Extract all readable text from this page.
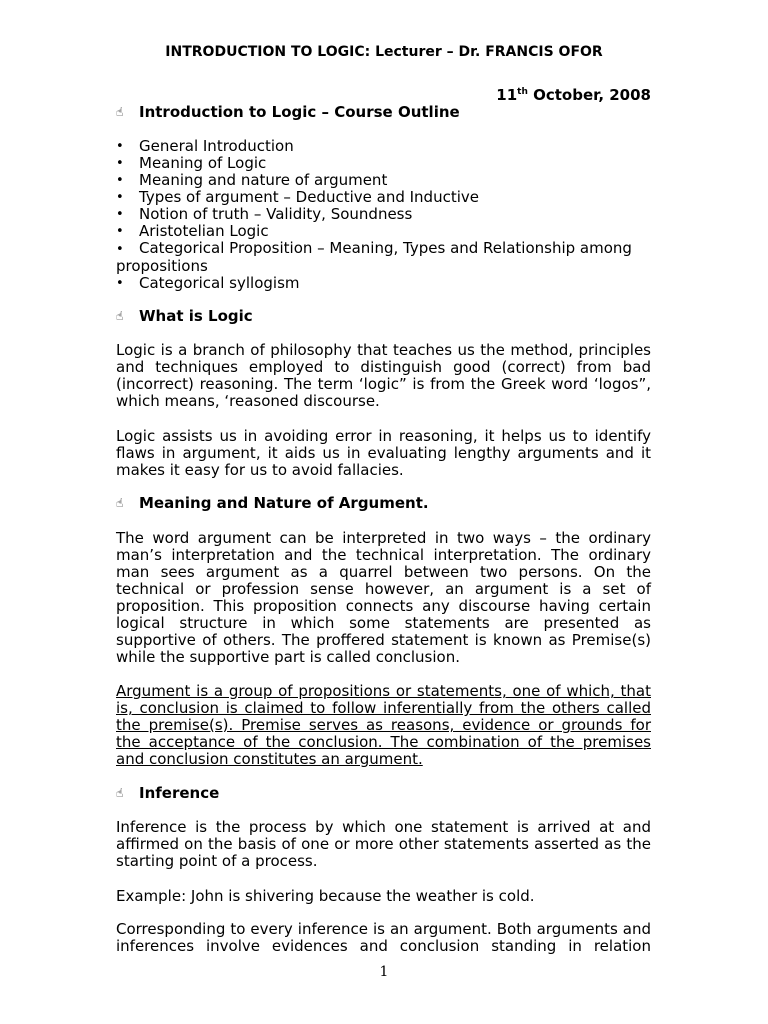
INTRODUCTION TO LOGIC: Lecturer – Dr. FRANCIS OFOR
11th October, 2008
☝	Introduction to Logic – Course Outline
• General Introduction
• Meaning of Logic
• Meaning and nature of argument
• Types of argument – Deductive and Inductive
• Notion of truth – Validity, Soundness
• Aristotelian Logic
• Categorical Proposition – Meaning, Types and Relationship among propositions
• Categorical syllogism
☝	What is Logic

Logic is a branch of philosophy that teaches us the method, principles and techniques employed to distinguish good (correct) from bad (incorrect) reasoning. The term ‘logic” is from the Greek word ‘logos”, which means, ‘reasoned discourse.

Logic assists us in avoiding error in reasoning, it helps us to identify flaws in argument, it aids us in evaluating lengthy arguments and it makes it easy for us to avoid fallacies.

☝	Meaning and Nature of Argument.

The word argument can be interpreted in two ways – the ordinary man’s interpretation and the technical interpretation. The ordinary man sees argument as a quarrel between two persons. On the technical or profession sense however, an argument is a set of proposition. This proposition connects any discourse having certain logical structure in which some statements are presented as supportive of others. The proffered statement is known as Premise(s) while the supportive part is called conclusion.

Argument is a group of propositions or statements, one of which, that is, conclusion is claimed to follow inferentially from the others called the premise(s). Premise serves as reasons, evidence or grounds for the acceptance of the conclusion. The combination of the premises and conclusion constitutes an argument.

☝	Inference

Inference is the process by which one statement is arrived at and affirmed on the basis of one or more other statements asserted as the starting point of a process.

Example: John is shivering because the weather is cold.

Corresponding to every inference is an argument. Both arguments and inferences involve evidences and conclusion standing in relation

1
